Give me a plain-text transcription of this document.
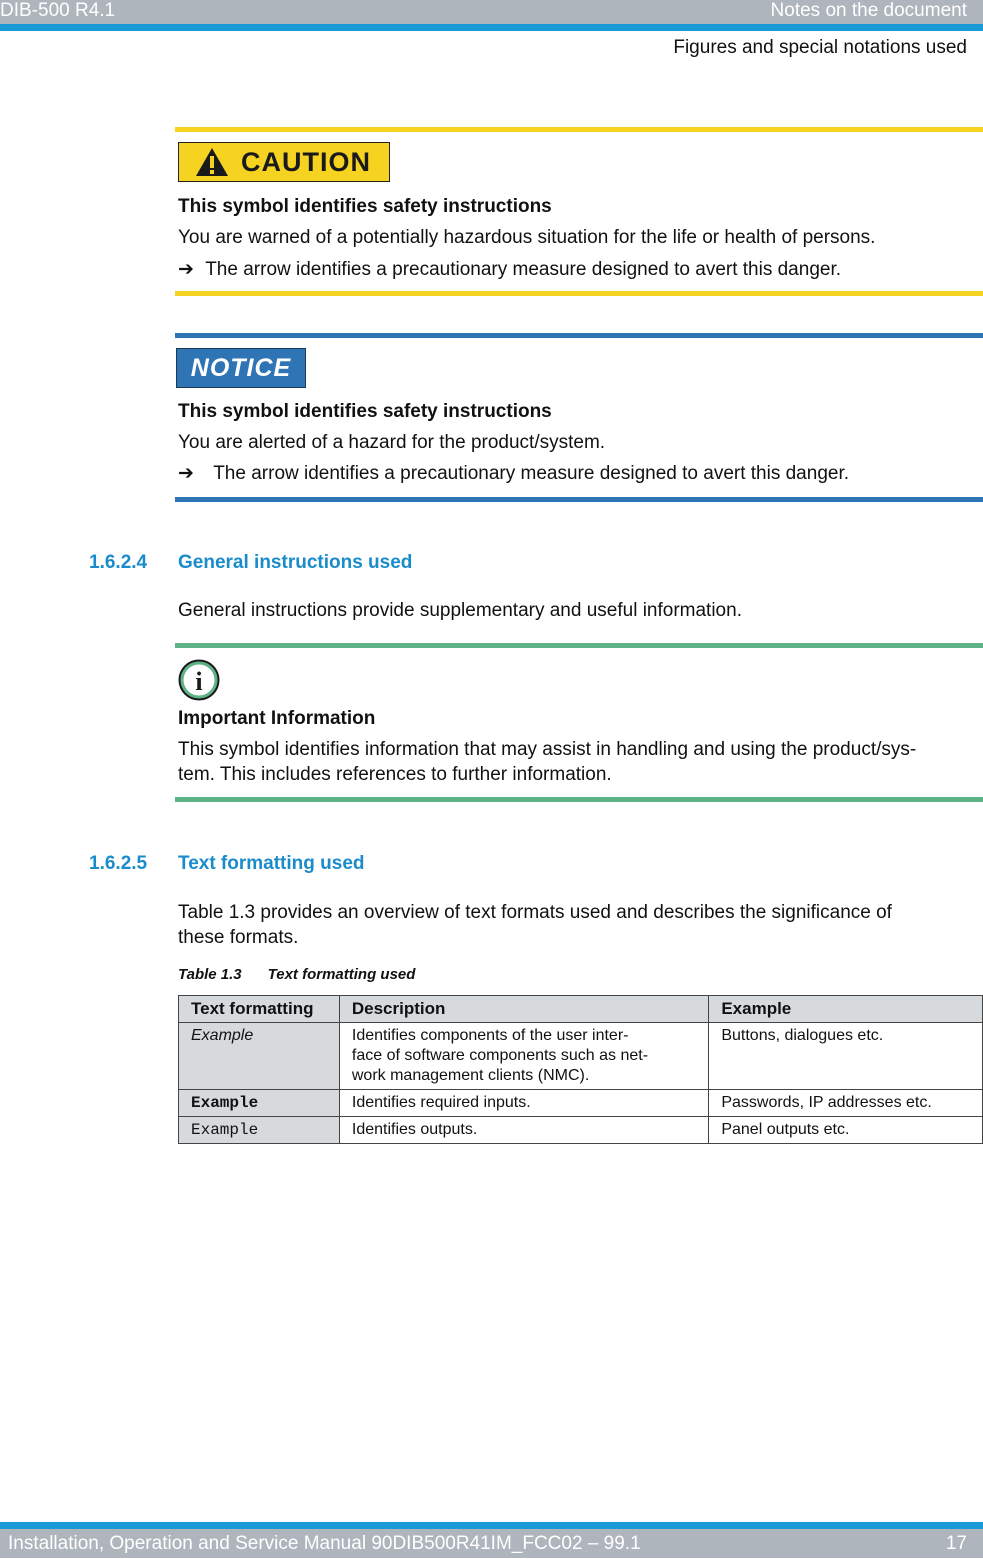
DIB-500 R4.1	Notes on the document
Figures and special notations used
CAUTION
This symbol identifies safety instructions
You are warned of a potentially hazardous situation for the life or health of persons.
➔ The arrow identifies a precautionary measure designed to avert this danger.
NOTICE
This symbol identifies safety instructions
You are alerted of a hazard for the product/system.
➔ The arrow identifies a precautionary measure designed to avert this danger.
1.6.2.4 General instructions used
General instructions provide supplementary and useful information.
i
Important Information
This symbol identifies information that may assist in handling and using the product/sys-
tem. This includes references to further information.
1.6.2.5 Text formatting used
Table 1.3 provides an overview of text formats used and describes the significance of
these formats.
Table 1.3 Text formatting used
Text formatting	Description	Example
Example	Identifies components of the user inter-
face of software components such as net-
work management clients (NMC).	Buttons, dialogues etc.
Example	Identifies required inputs.	Passwords, IP addresses etc.
Example	Identifies outputs.	Panel outputs etc.
Installation, Operation and Service Manual 90DIB500R41IM_FCC02 – 99.1	17
